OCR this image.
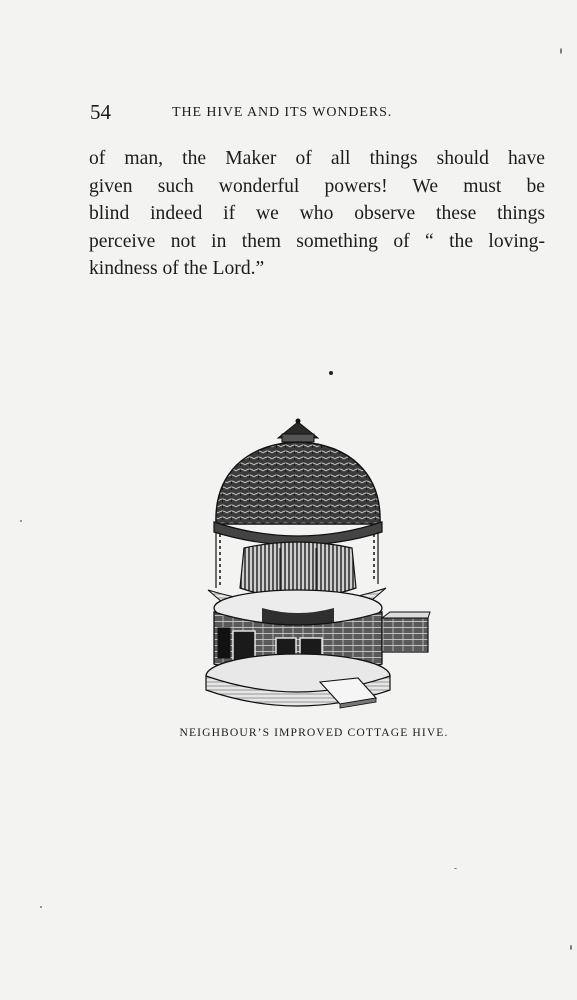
54	THE HIVE AND ITS WONDERS.
of man, the Maker of all things should have
given such wonderful powers! We must be
blind indeed if we who observe these things
perceive not in them something of “ the loving-
kindness of the Lord.”
NEIGHBOUR’S IMPROVED COTTAGE HIVE.
